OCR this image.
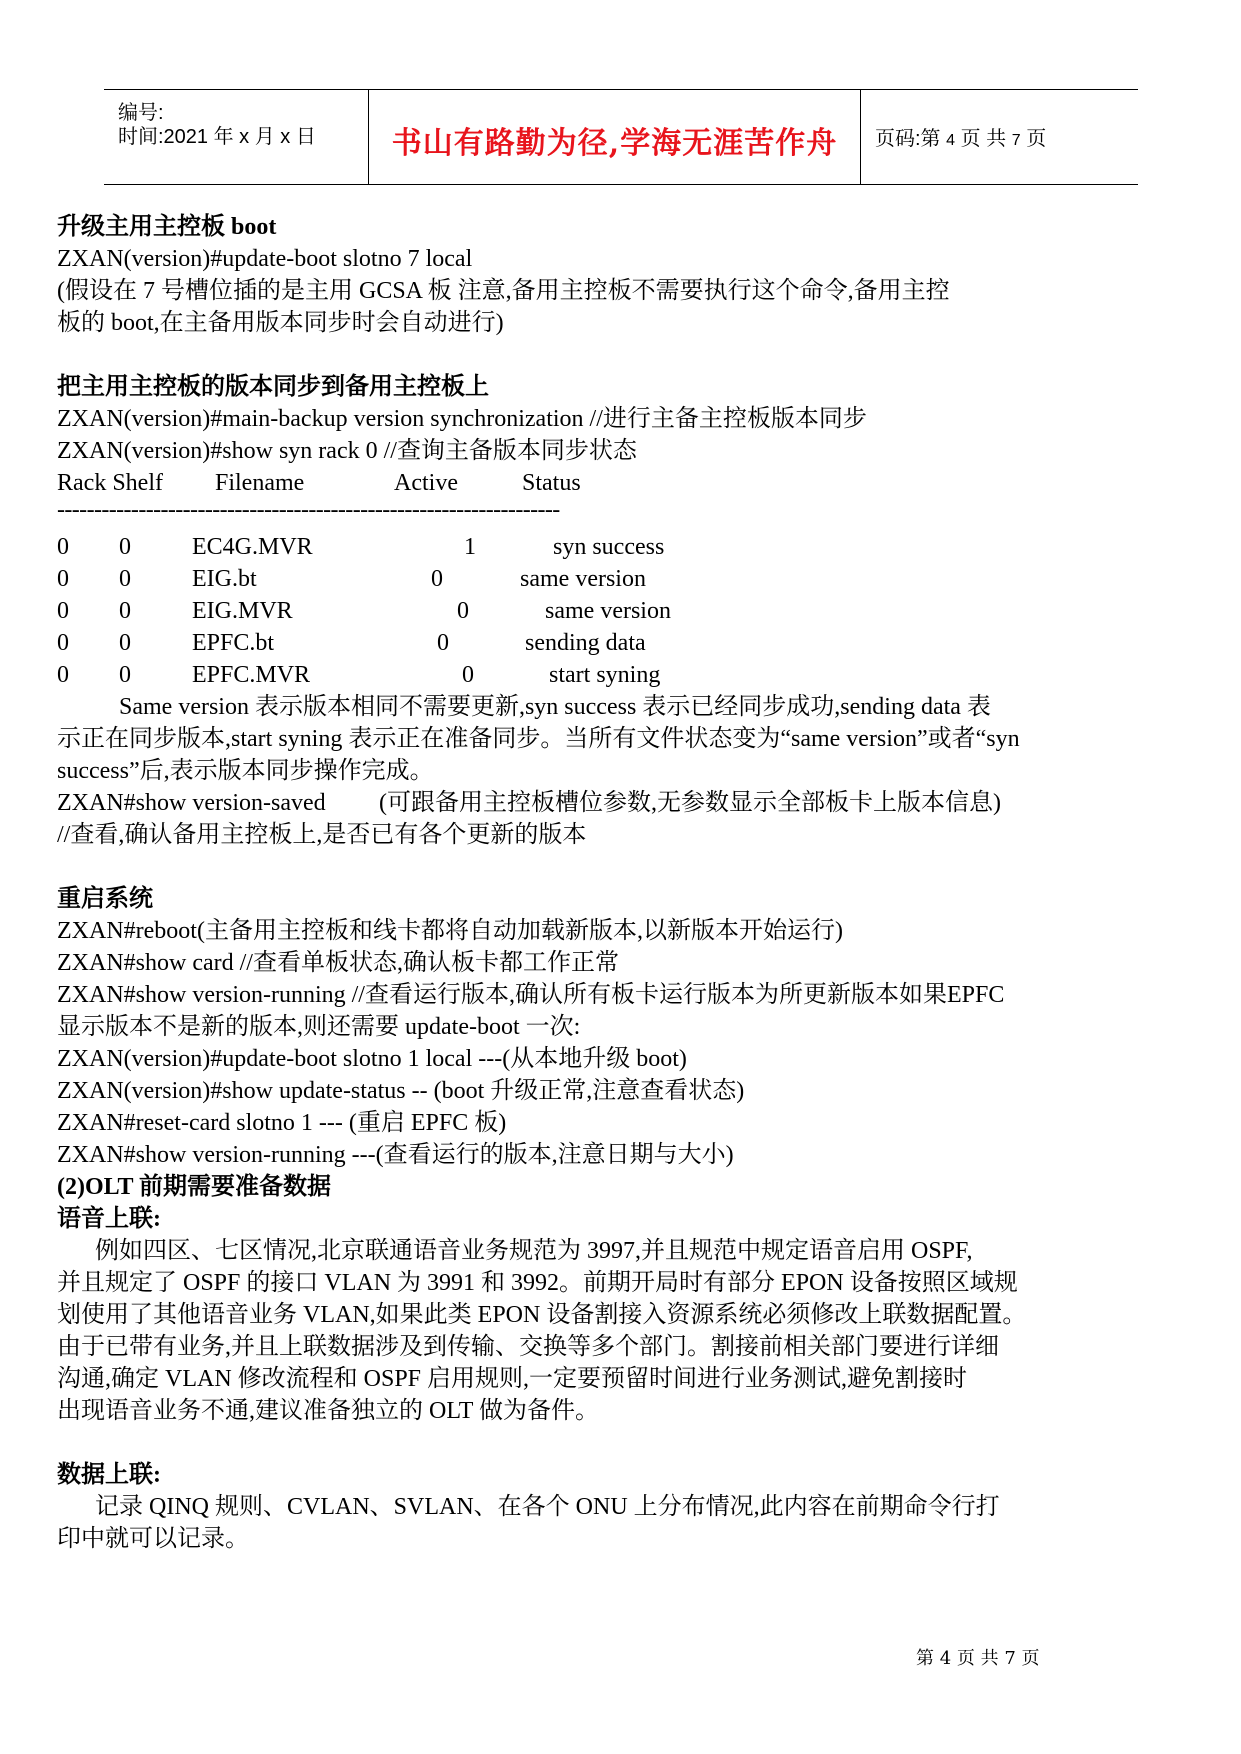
编号:
时间:2021 年 x 月 x 日	书山有路勤为径,学海无涯苦作舟	页码:第 4 页 共 7 页
升级主用主控板 boot
ZXAN(version)#update-boot slotno 7 local
(假设在 7 号槽位插的是主用 GCSA 板 注意,备用主控板不需要执行这个命令,备用主控
板的 boot,在主备用版本同步时会自动进行)
把主用主控板的版本同步到备用主控板上
ZXAN(version)#main-backup version synchronization //进行主备主控板版本同步
ZXAN(version)#show syn rack 0 //查询主备版本同步状态
Rack Shelf Filename	Active	Status
--------------------------------------------------------------------
0 0	EC4G.MVR	1	syn success
0 0	EIG.bt	0	same version
0 0	EIG.MVR	0	same version
0 0	EPFC.bt	0	sending data
0 0	EPFC.MVR	0	start syning
Same version 表示版本相同不需要更新,syn success 表示已经同步成功,sending data 表
示正在同步版本,start syning 表示正在准备同步。当所有文件状态变为“same version”或者“syn
success”后,表示版本同步操作完成。
ZXAN#show version-saved (可跟备用主控板槽位参数,无参数显示全部板卡上版本信息)
//查看,确认备用主控板上,是否已有各个更新的版本
重启系统
ZXAN#reboot(主备用主控板和线卡都将自动加载新版本,以新版本开始运行)
ZXAN#show card //查看单板状态,确认板卡都工作正常
ZXAN#show version-running //查看运行版本,确认所有板卡运行版本为所更新版本如果EPFC
显示版本不是新的版本,则还需要 update-boot 一次:
ZXAN(version)#update-boot slotno 1 local ---(从本地升级 boot)
ZXAN(version)#show update-status -- (boot 升级正常,注意查看状态)
ZXAN#reset-card slotno 1 --- (重启 EPFC 板)
ZXAN#show version-running ---(查看运行的版本,注意日期与大小)
(2)OLT 前期需要准备数据
语音上联:
例如四区、七区情况,北京联通语音业务规范为 3997,并且规范中规定语音启用 OSPF,
并且规定了 OSPF 的接口 VLAN 为 3991 和 3992。前期开局时有部分 EPON 设备按照区域规
划使用了其他语音业务 VLAN,如果此类 EPON 设备割接入资源系统必须修改上联数据配置。
由于已带有业务,并且上联数据涉及到传输、交换等多个部门。割接前相关部门要进行详细
沟通,确定 VLAN 修改流程和 OSPF 启用规则,一定要预留时间进行业务测试,避免割接时
出现语音业务不通,建议准备独立的 OLT 做为备件。
数据上联:
记录 QINQ 规则、CVLAN、SVLAN、在各个 ONU 上分布情况,此内容在前期命令行打
印中就可以记录。
第 4 页 共 7 页
